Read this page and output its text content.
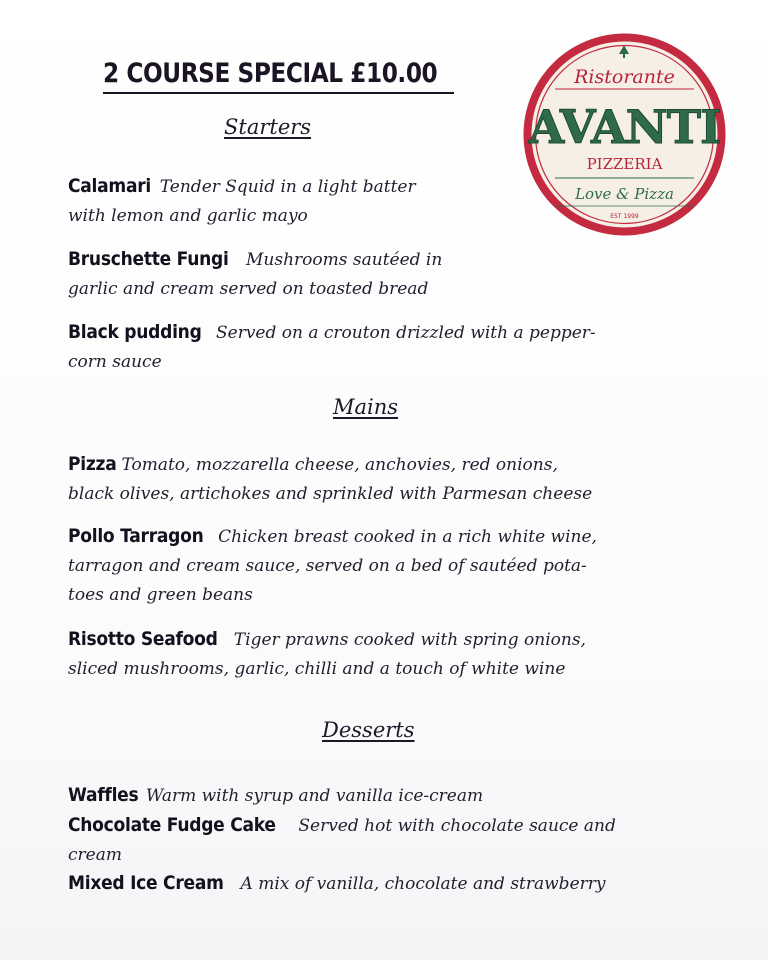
2 COURSE SPECIAL £10.00	Ristorante
AVANTI
PIZZERIA
Love & Pizza
EST 1999
Starters
Calamari Tender Squid in a light batter
with lemon and garlic mayo
Bruschette Fungi Mushrooms sautéed in
garlic and cream served on toasted bread
Black pudding Served on a crouton drizzled with a pepper-
corn sauce
Mains
Pizza Tomato, mozzarella cheese, anchovies, red onions,
black olives, artichokes and sprinkled with Parmesan cheese
Pollo Tarragon Chicken breast cooked in a rich white wine,
tarragon and cream sauce, served on a bed of sautéed pota-
toes and green beans
Risotto Seafood Tiger prawns cooked with spring onions,
sliced mushrooms, garlic, chilli and a touch of white wine
Desserts
Waffles Warm with syrup and vanilla ice-cream
Chocolate Fudge Cake Served hot with chocolate sauce and
cream
Mixed Ice Cream A mix of vanilla, chocolate and strawberry
